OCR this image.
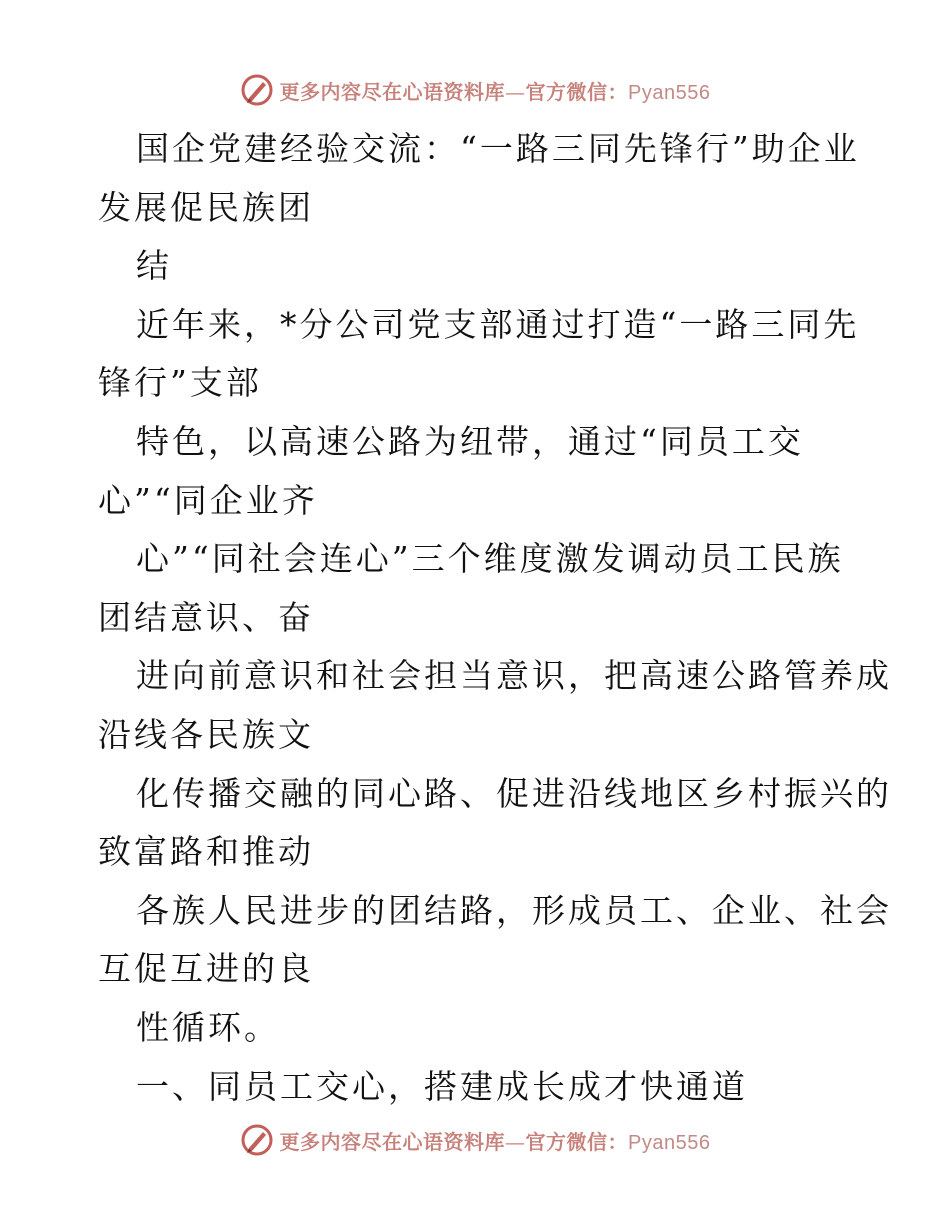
更多内容尽在心语资料库—官方微信：Pyan556
国企党建经验交流：“一路三同先锋行”助企业
发展促民族团
结
近年来，*分公司党支部通过打造“一路三同先
锋行”支部
特色，以高速公路为纽带，通过“同员工交
心”“同企业齐
心”“同社会连心”三个维度激发调动员工民族
团结意识、奋
进向前意识和社会担当意识，把高速公路管养成
沿线各民族文
化传播交融的同心路、促进沿线地区乡村振兴的
致富路和推动
各族人民进步的团结路，形成员工、企业、社会
互促互进的良
性循环。
一、同员工交心，搭建成长成才快通道
更多内容尽在心语资料库—官方微信：Pyan556
